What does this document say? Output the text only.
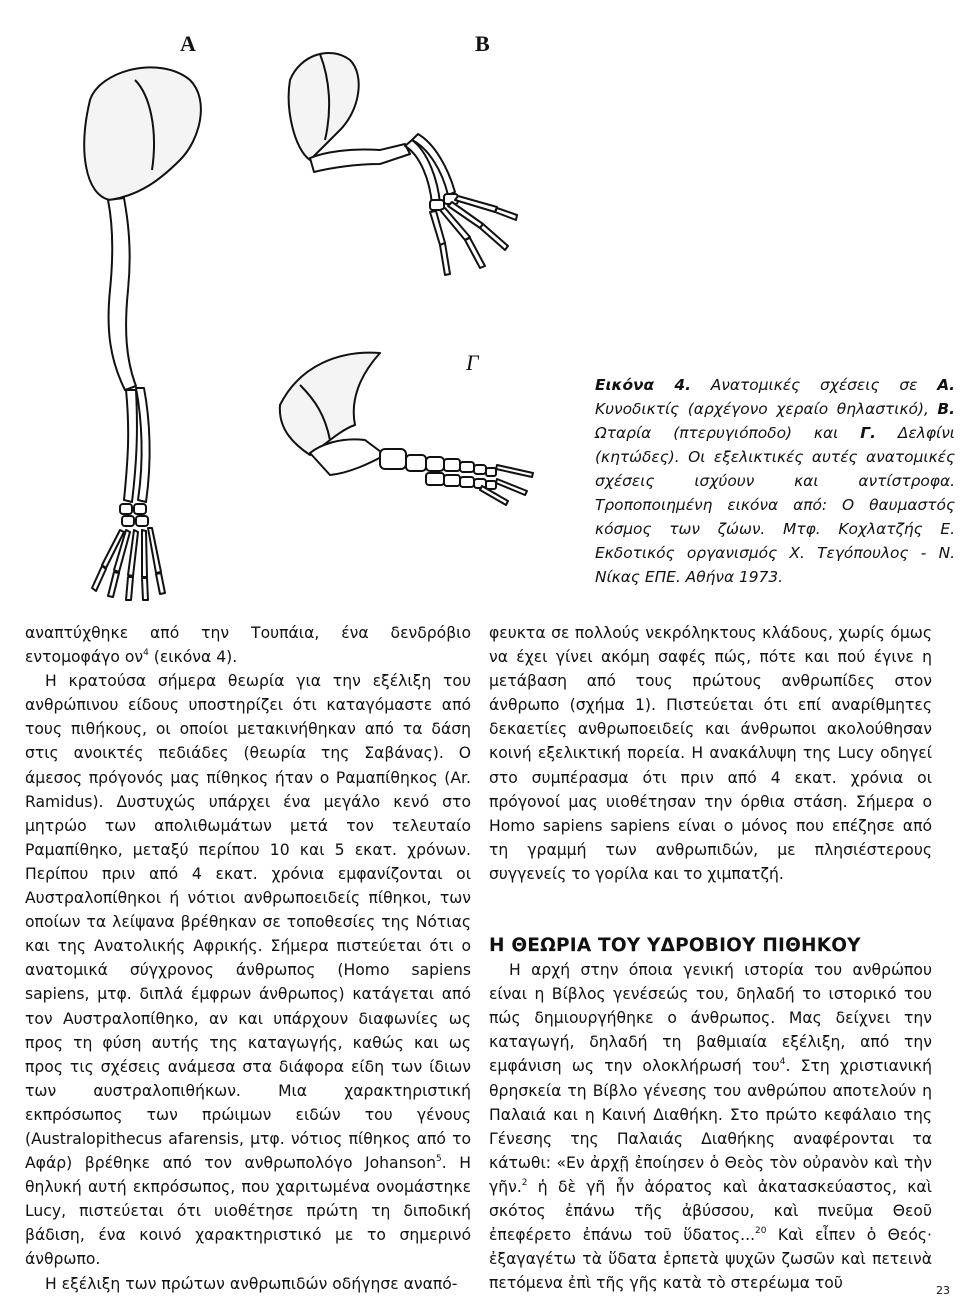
A	B
Γ

Εικόνα 4. Ανατομικές σχέσεις σε Α. Κυνοδικτίς (αρχέγονο χεραίο θηλαστικό), Β. Ωταρία (πτερυγιόποδο) και Γ. Δελφίνι (κητώδες). Οι εξελικτικές αυτές ανατομικές σχέσεις ισχύουν και αντίστροφα. Τροποποιημένη εικόνα από: Ο θαυμαστός κόσμος των ζώων. Μτφ. Κοχλατζής Ε. Εκδοτικός οργανισμός Χ. Τεγόπουλος - Ν. Νίκας ΕΠΕ. Αθήνα 1973.

αναπτύχθηκε από την Τουπάια, ένα δενδρόβιο εντομοφάγο $o\nu^4$ (εικόνα 4).

Η κρατούσα σήμερα θεωρία για την εξέλιξη του ανθρώπινου είδους υποστηρίζει ότι καταγόμαστε από τους πιθήκους, οι οποίοι μετακινήθηκαν από τα δάση στις ανοικτές πεδιάδες (θεωρία της Σαβάνας). Ο άμεσος πρόγονός μας πίθηκος ήταν ο Ραμαπίθηκος (Ar. Ramidus). Δυστυχώς υπάρχει ένα μεγάλο κενό στο μητρώο των απολιθωμάτων μετά τον τελευταίο Ραμαπίθηκο, μεταξύ περίπου 10 και 5 εκατ. χρόνων. Περίπου πριν από 4 εκατ. χρόνια εμφανίζονται οι Αυστραλοπίθηκοι ή νότιοι ανθρωποειδείς πίθηκοι, των οποίων τα λείψανα βρέθηκαν σε τοποθεσίες της Νότιας και της Ανατολικής Αφρικής. Σήμερα πιστεύεται ότι ο ανατομικά σύγχρονος άνθρωπος (Homo sapiens sapiens, μτφ. διπλά έμφρων άνθρωπος) κατάγεται από τον Αυστραλοπίθηκο, αν και υπάρχουν διαφωνίες ως προς τη φύση αυτής της καταγωγής, καθώς και ως προς τις σχέσεις ανάμεσα στα διάφορα είδη των ίδιων των αυστραλοπιθήκων. Μια χαρακτηριστική εκπρόσωπος των πρώιμων ειδών του γένους (Australopithecus afarensis, μτφ. νότιος πίθηκος από το Αφάρ) βρέθηκε από τον ανθρωπολόγο Johanson$^5$. Η θηλυκή αυτή εκπρόσωπος, που χαριτωμένα ονομάστηκε Lucy, πιστεύεται ότι υιοθέτησε πρώτη τη διποδική βάδιση, ένα κοινό χαρακτηριστικό με το σημερινό άνθρωπο.

Η εξέλιξη των πρώτων ανθρωπιδών οδήγησε αναπό-

φευκτα σε πολλούς νεκρόληκτους κλάδους, χωρίς όμως να έχει γίνει ακόμη σαφές πώς, πότε και πού έγινε η μετάβαση από τους πρώτους ανθρωπίδες στον άνθρωπο (σχήμα 1). Πιστεύεται ότι επί αναρίθμητες δεκαετίες ανθρωποειδείς και άνθρωποι ακολούθησαν κοινή εξελικτική πορεία. Η ανακάλυψη της Lucy οδηγεί στο συμπέρασμα ότι πριν από 4 εκατ. χρόνια οι πρόγονοί μας υιοθέτησαν την όρθια στάση. Σήμερα ο Homo sapiens sapiens είναι ο μόνος που επέζησε από τη γραμμή των ανθρωπιδών, με πλησιέστερους συγγενείς το γορίλα και το χιμπατζή.

Η ΘΕΩΡΙΑ ΤΟΥ ΥΔΡΟΒΙΟΥ ΠΙΘΗΚΟΥ

Η αρχή στην όποια γενική ιστορία του ανθρώπου είναι η Βίβλος γενέσεώς του, δηλαδή το ιστορικό του πώς δημιουργήθηκε ο άνθρωπος. Μας δείχνει την καταγωγή, δηλαδή τη βαθμιαία εξέλιξη, από την εμφάνιση ως την ολοκλήρωσή του$^4$. Στη χριστιανική θρησκεία τη Βίβλο γένεσης του ανθρώπου αποτελούν η Παλαιά και η Καινή Διαθήκη. Στο πρώτο κεφάλαιο της Γένεσης της Παλαιάς Διαθήκης αναφέρονται τα κάτωθι: «Εν ἀρχῇ ἐποίησεν ὁ Θεὸς τὸν οὐρανὸν καὶ τὴν γῆν.$^2$ ἡ δὲ γῆ ἦν ἀόρατος καὶ ἀκατασκεύαστος, καὶ σκότος ἐπάνω τῆς ἀβύσσου, καὶ πνεῦμα Θεοῦ ἐπεφέρετο ἐπάνω τοῦ ὕδατος...$^{20}$ Καὶ εἶπεν ὁ Θεός· ἐξαγαγέτω τὰ ὕδατα ἑρπετὰ ψυχῶν ζωσῶν καὶ πετεινὰ πετόμενα ἐπὶ τῆς γῆς κατὰ τὸ στερέωμα τοῦ	23
